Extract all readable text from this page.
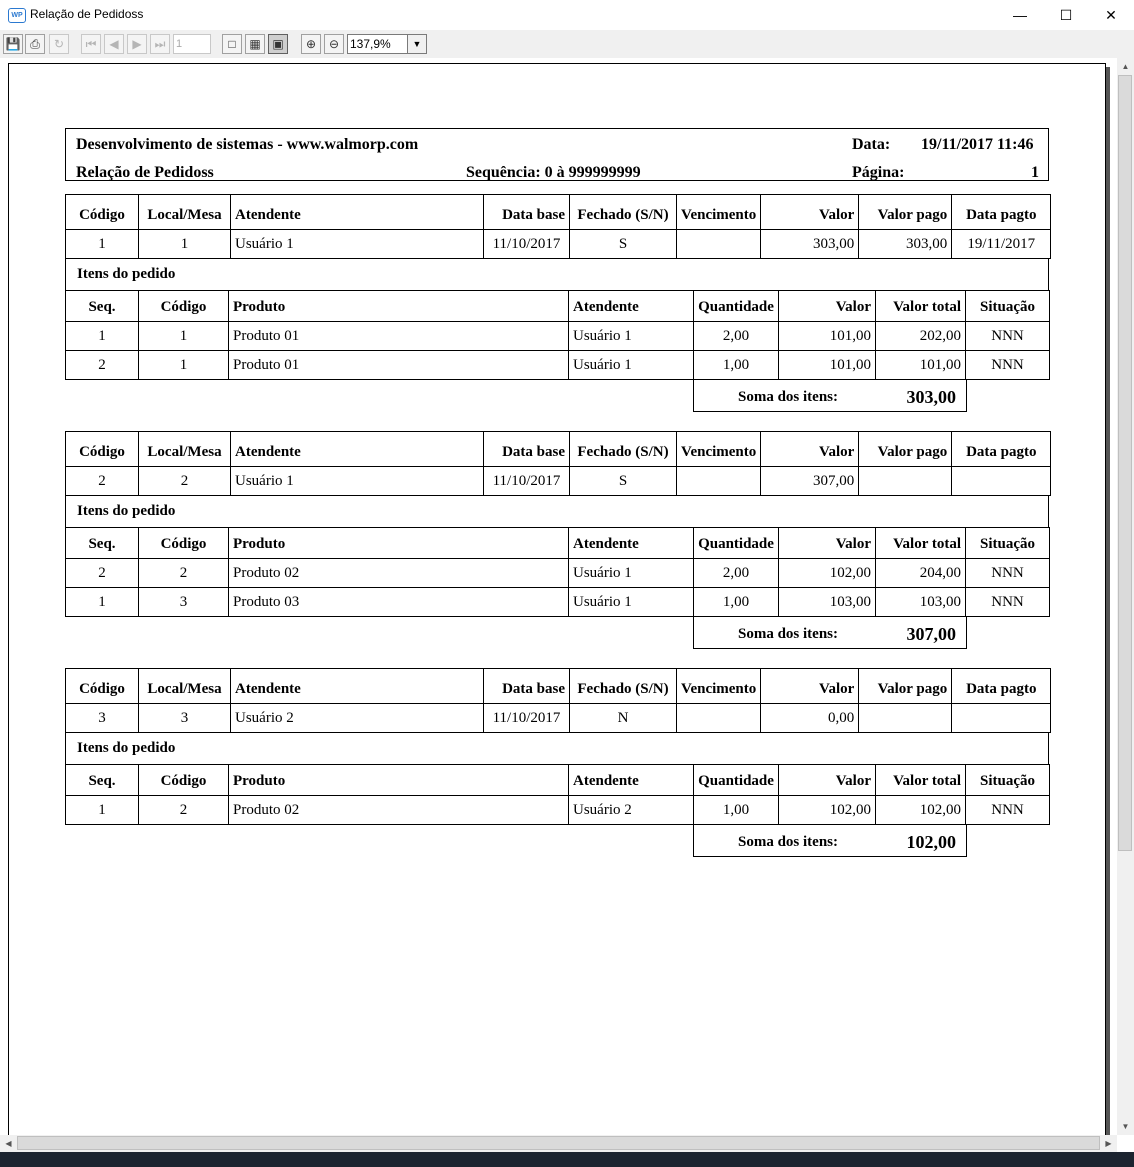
WP Relação de Pedidoss	—	☐	✕
💾 ⎙	↻	⏮	◀	▶	⏭ 1	□	▦ ▣	⊕	⊖ 137,9%	▼
Desenvolvimento de sistemas - www.walmorp.com
Relação de Pedidoss	Sequência: 0 à 999999999
Data: 19/11/2017 11:46
Página:	1
Código	Local/Mesa	Atendente	Data base	Fechado (S/N)	Vencimento	Valor	Valor pago	Data pagto
1	1	Usuário 1	11/10/2017	S		303,00	303,00	19/11/2017
Itens do pedido
Seq.	Código	Produto	Atendente	Quantidade	Valor	Valor total	Situação
1	1	Produto 01	Usuário 1	2,00	101,00	202,00	NNN
2	1	Produto 01	Usuário 1	1,00	101,00	101,00	NNN
Soma dos itens:	303,00
Código	Local/Mesa	Atendente	Data base	Fechado (S/N)	Vencimento	Valor	Valor pago	Data pagto
2	2	Usuário 1	11/10/2017	S		307,00		
Itens do pedido
Seq.	Código	Produto	Atendente	Quantidade	Valor	Valor total	Situação
2	2	Produto 02	Usuário 1	2,00	102,00	204,00	NNN
1	3	Produto 03	Usuário 1	1,00	103,00	103,00	NNN
Soma dos itens:	307,00
Código	Local/Mesa	Atendente	Data base	Fechado (S/N)	Vencimento	Valor	Valor pago	Data pagto
3	3	Usuário 2	11/10/2017	N		0,00		
Itens do pedido
Seq.	Código	Produto	Atendente	Quantidade	Valor	Valor total	Situação
1	2	Produto 02	Usuário 2	1,00	102,00	102,00	NNN
Soma dos itens:	102,00
▲
▼
◀	▶
